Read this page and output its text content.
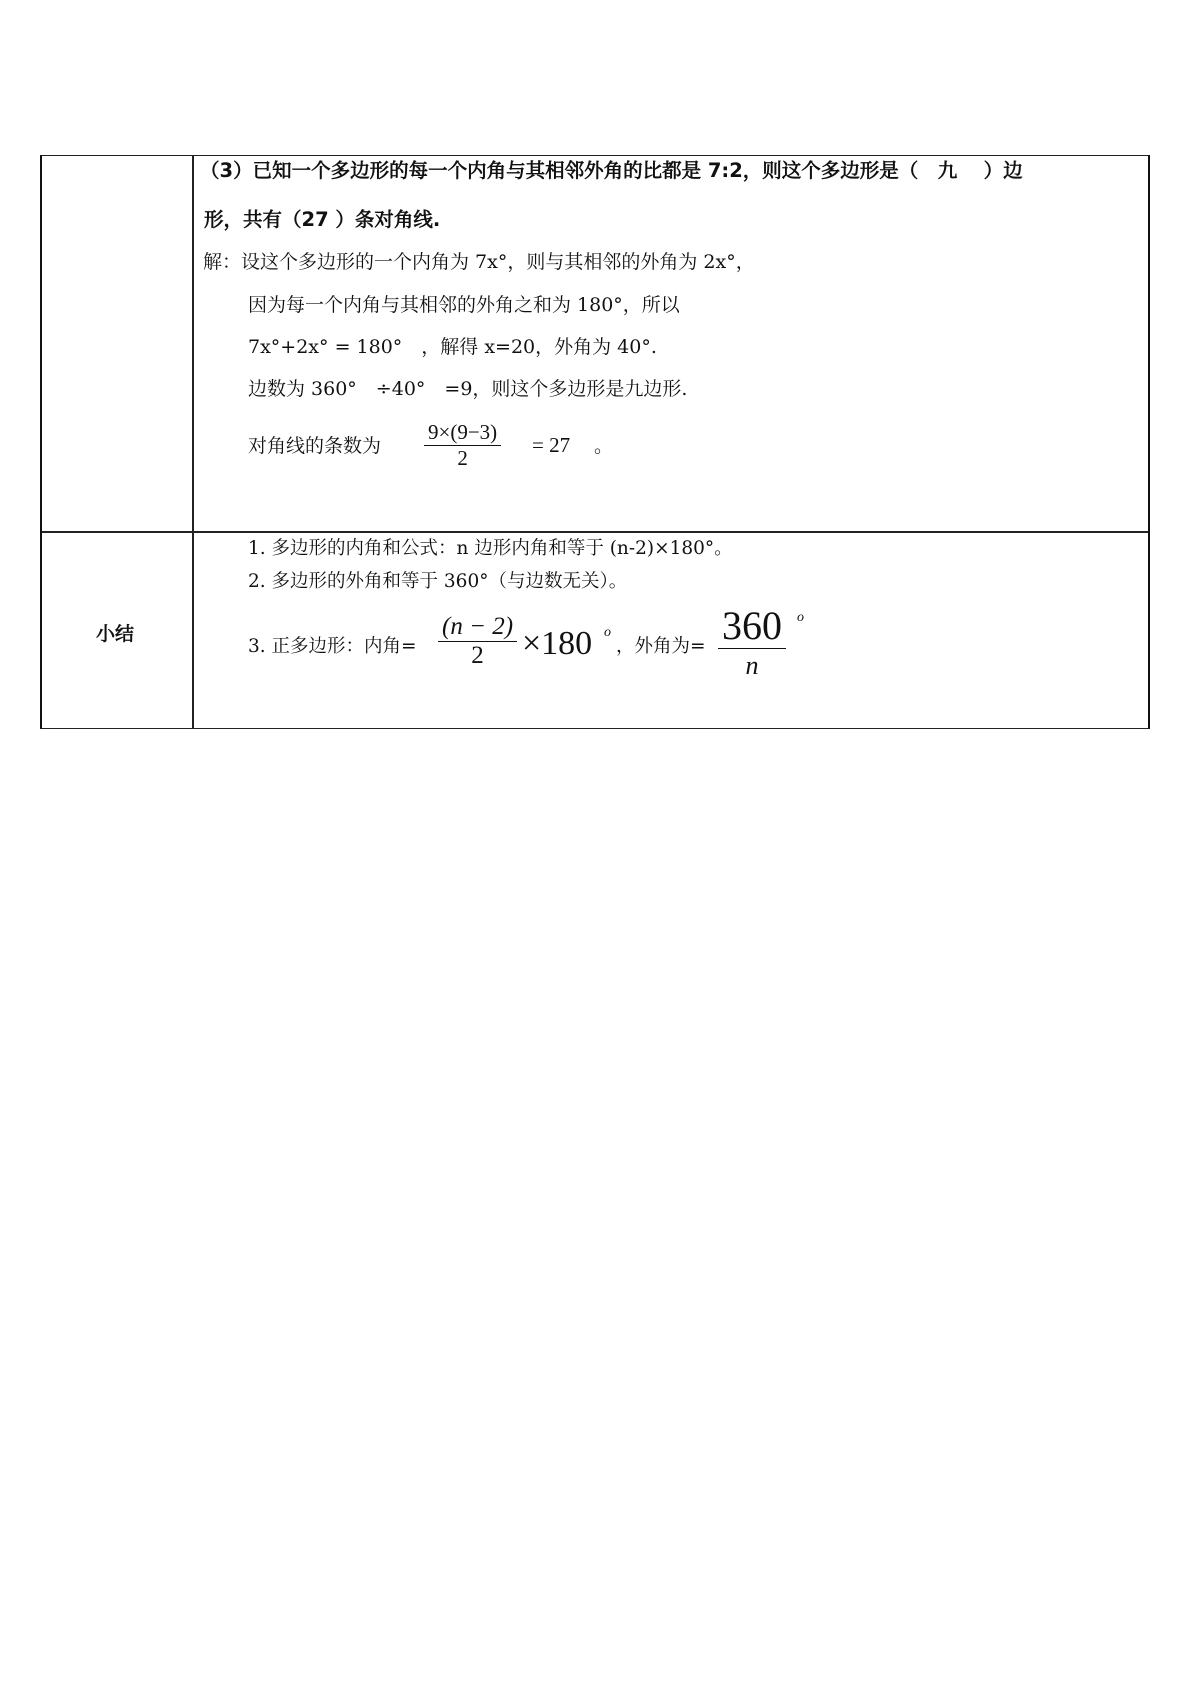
（3）已知一个多边形的每一个内角与其相邻外角的比都是 7:2，则这个多边形是（　九　 ）边
形，共有（27 ）条对角线.
解：设这个多边形的一个内角为 7x°，则与其相邻的外角为 2x°，
因为每一个内角与其相邻的外角之和为 180°，所以
7x°+2x° = 180°　，解得 x=20，外角为 40°.
边数为 360°　÷40°　=9，则这个多边形是九边形.
对角线的条数为
9×(9−3)
2
= 27 。
小结
1. 多边形的内角和公式：n 边形内角和等于 (n-2)×180°。
2. 多边形的外角和等于 360°（与边数无关）。
3. 正多边形：内角=
(n − 2)
2	×180 o
，外角为= 360
n
o
